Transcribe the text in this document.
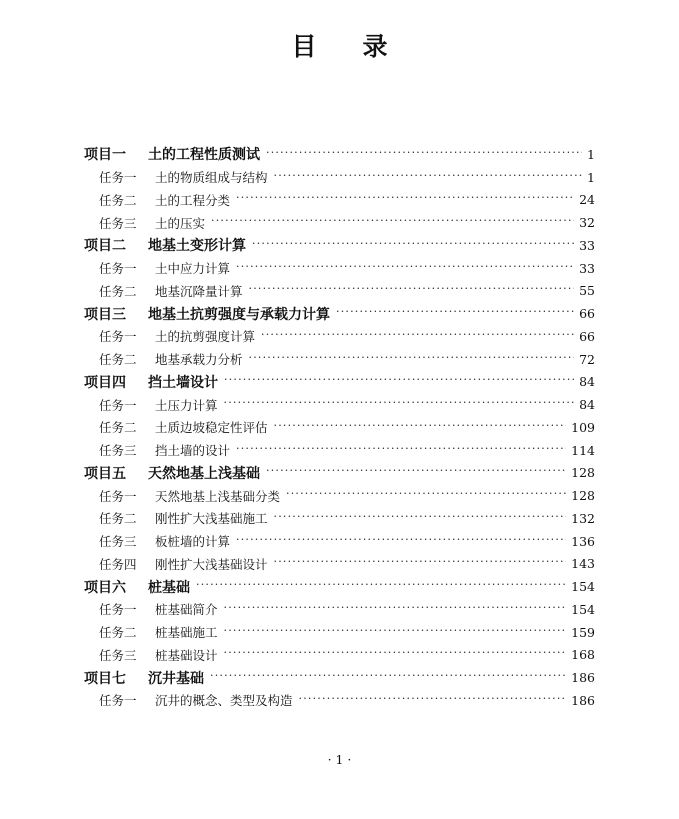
目 录
项目一	土的工程性质测试 ·····	1
任务一	土的物质组成与结构 ·····	1
任务二	土的工程分类 ·····	24
任务三	土的压实 ·····	32
项目二	地基土变形计算 ·····	33
任务一	土中应力计算 ·····	33
任务二	地基沉降量计算 ·····	55
项目三	地基土抗剪强度与承载力计算 ·····	66
任务一	土的抗剪强度计算 ·····	66
任务二	地基承载力分析 ·····	72
项目四	挡土墙设计 ·····	84
任务一	土压力计算 ·····	84
任务二	土质边坡稳定性评估 ·····	109
任务三	挡土墙的设计 ·····	114
项目五	天然地基上浅基础 ·····	128
任务一	天然地基上浅基础分类 ·····	128
任务二	刚性扩大浅基础施工 ·····	132
任务三	板桩墙的计算 ·····	136
任务四	刚性扩大浅基础设计 ·····	143
项目六	桩基础 ·····	154
任务一	桩基础简介 ·····	154
任务二	桩基础施工 ·····	159
任务三	桩基础设计 ·····	168
项目七	沉井基础 ·····	186
任务一	沉井的概念、类型及构造 ·····	186
· 1 ·
